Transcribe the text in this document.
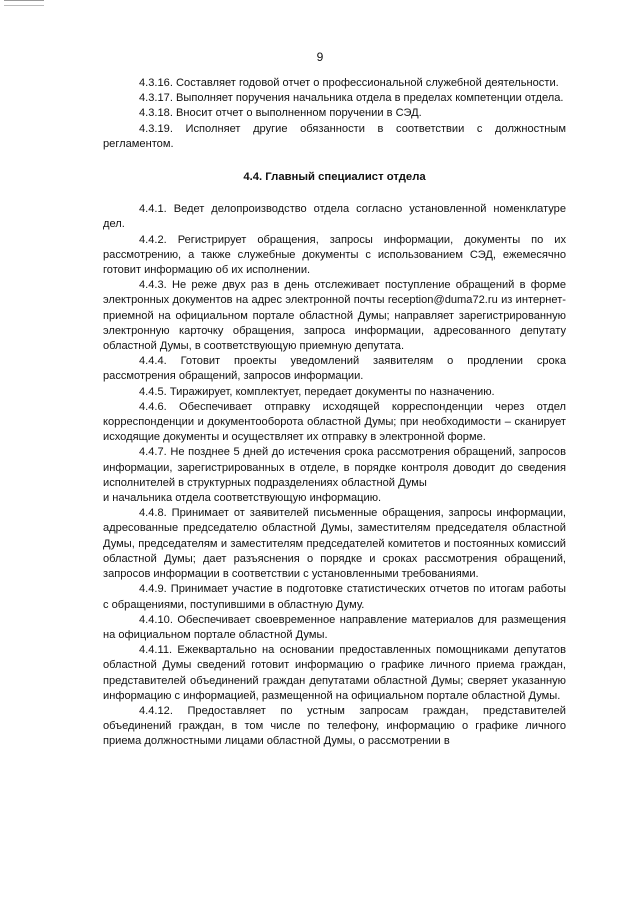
9

4.3.16. Составляет годовой отчет о профессиональной служебной деятельности.

4.3.17. Выполняет поручения начальника отдела в пределах компетенции отдела.

4.3.18. Вносит отчет о выполненном поручении в СЭД.

4.3.19. Исполняет другие обязанности в соответствии с должностным регламентом.

4.4. Главный специалист отдела

4.4.1. Ведет делопроизводство отдела согласно установленной номенклатуре дел.

4.4.2. Регистрирует обращения, запросы информации, документы по их рассмотрению, а также служебные документы с использованием СЭД, ежемесячно готовит информацию об их исполнении.

4.4.3. Не реже двух раз в день отслеживает поступление обращений в форме электронных документов на адрес электронной почты reception@duma72.ru из интернет-приемной на официальном портале областной Думы; направляет зарегистрированную электронную карточку обращения, запроса информации, адресованного депутату областной Думы, в соответствующую приемную депутата.

4.4.4. Готовит проекты уведомлений заявителям о продлении срока рассмотрения обращений, запросов информации.

4.4.5. Тиражирует, комплектует, передает документы по назначению.

4.4.6. Обеспечивает отправку исходящей корреспонденции через отдел корреспонденции и документооборота областной Думы; при необходимости – сканирует исходящие документы и осуществляет их отправку в электронной форме.

4.4.7. Не позднее 5 дней до истечения срока рассмотрения обращений, запросов информации, зарегистрированных в отделе, в порядке контроля доводит до сведения исполнителей в структурных подразделениях областной Думы

и начальника отдела соответствующую информацию.

4.4.8. Принимает от заявителей письменные обращения, запросы информации, адресованные председателю областной Думы, заместителям председателя областной Думы, председателям и заместителям председателей комитетов и постоянных комиссий областной Думы; дает разъяснения о порядке и сроках рассмотрения обращений, запросов информации в соответствии с установленными требованиями.

4.4.9. Принимает участие в подготовке статистических отчетов по итогам работы с обращениями, поступившими в областную Думу.

4.4.10. Обеспечивает своевременное направление материалов для размещения на официальном портале областной Думы.

4.4.11. Ежеквартально на основании предоставленных помощниками депутатов областной Думы сведений готовит информацию о графике личного приема граждан, представителей объединений граждан депутатами областной Думы; сверяет указанную информацию с информацией, размещенной на официальном портале областной Думы.

4.4.12. Предоставляет по устным запросам граждан, представителей объединений граждан, в том числе по телефону, информацию о графике личного приема должностными лицами областной Думы, о рассмотрении в
